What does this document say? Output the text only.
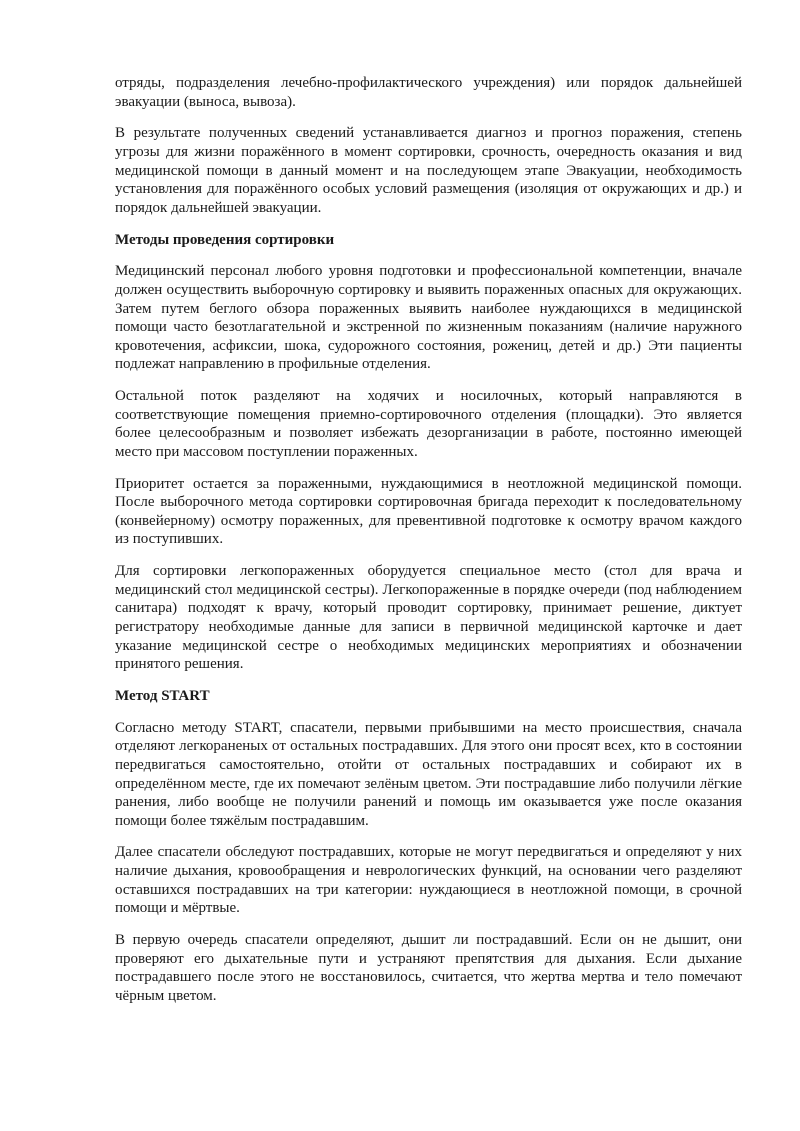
отряды, подразделения лечебно-профилактического учреждения) или порядок дальнейшей эвакуации (выноса, вывоза).

В результате полученных сведений устанавливается диагноз и прогноз поражения, степень угрозы для жизни поражённого в момент сортировки, срочность, очередность оказания и вид медицинской помощи в данный момент и на последующем этапе Эвакуации, необходимость установления для поражённого особых условий размещения (изоляция от окружающих и др.) и порядок дальнейшей эвакуации.

Методы проведения сортировки

Медицинский персонал любого уровня подготовки и профессиональной компетенции, вначале должен осуществить выборочную сортировку и выявить пораженных опасных для окружающих. Затем путем беглого обзора пораженных выявить наиболее нуждающихся в медицинской помощи часто безотлагательной и экстренной по жизненным показаниям (наличие наружного кровотечения, асфиксии, шока, судорожного состояния, рожениц, детей и др.) Эти пациенты подлежат направлению в профильные отделения.

Остальной поток разделяют на ходячих и носилочных, который направляются в соответствующие помещения приемно-сортировочного отделения (площадки). Это является более целесообразным и позволяет избежать дезорганизации в работе, постоянно имеющей место при массовом поступлении пораженных.

Приоритет остается за пораженными, нуждающимися в неотложной медицинской помощи. После выборочного метода сортировки сортировочная бригада переходит к последовательному (конвейерному) осмотру пораженных, для превентивной подготовке к осмотру врачом каждого из поступивших.

Для сортировки легкопораженных оборудуется специальное место (стол для врача и медицинский стол медицинской сестры). Легкопораженные в порядке очереди (под наблюдением санитара) подходят к врачу, который проводит сортировку, принимает решение, диктует регистратору необходимые данные для записи в первичной медицинской карточке и дает указание медицинской сестре о необходимых медицинских мероприятиях и обозначении принятого решения.

Метод START

Согласно методу START, спасатели, первыми прибывшими на место происшествия, сначала отделяют легкораненых от остальных пострадавших. Для этого они просят всех, кто в состоянии передвигаться самостоятельно, отойти от остальных пострадавших и собирают их в определённом месте, где их помечают зелёным цветом. Эти пострадавшие либо получили лёгкие ранения, либо вообще не получили ранений и помощь им оказывается уже после оказания помощи более тяжёлым пострадавшим.

Далее спасатели обследуют пострадавших, которые не могут передвигаться и определяют у них наличие дыхания, кровообращения и неврологических функций, на основании чего разделяют оставшихся пострадавших на три категории: нуждающиеся в неотложной помощи, в срочной помощи и мёртвые.

В первую очередь спасатели определяют, дышит ли пострадавший. Если он не дышит, они проверяют его дыхательные пути и устраняют препятствия для дыхания. Если дыхание пострадавшего после этого не восстановилось, считается, что жертва мертва и тело помечают чёрным цветом.
